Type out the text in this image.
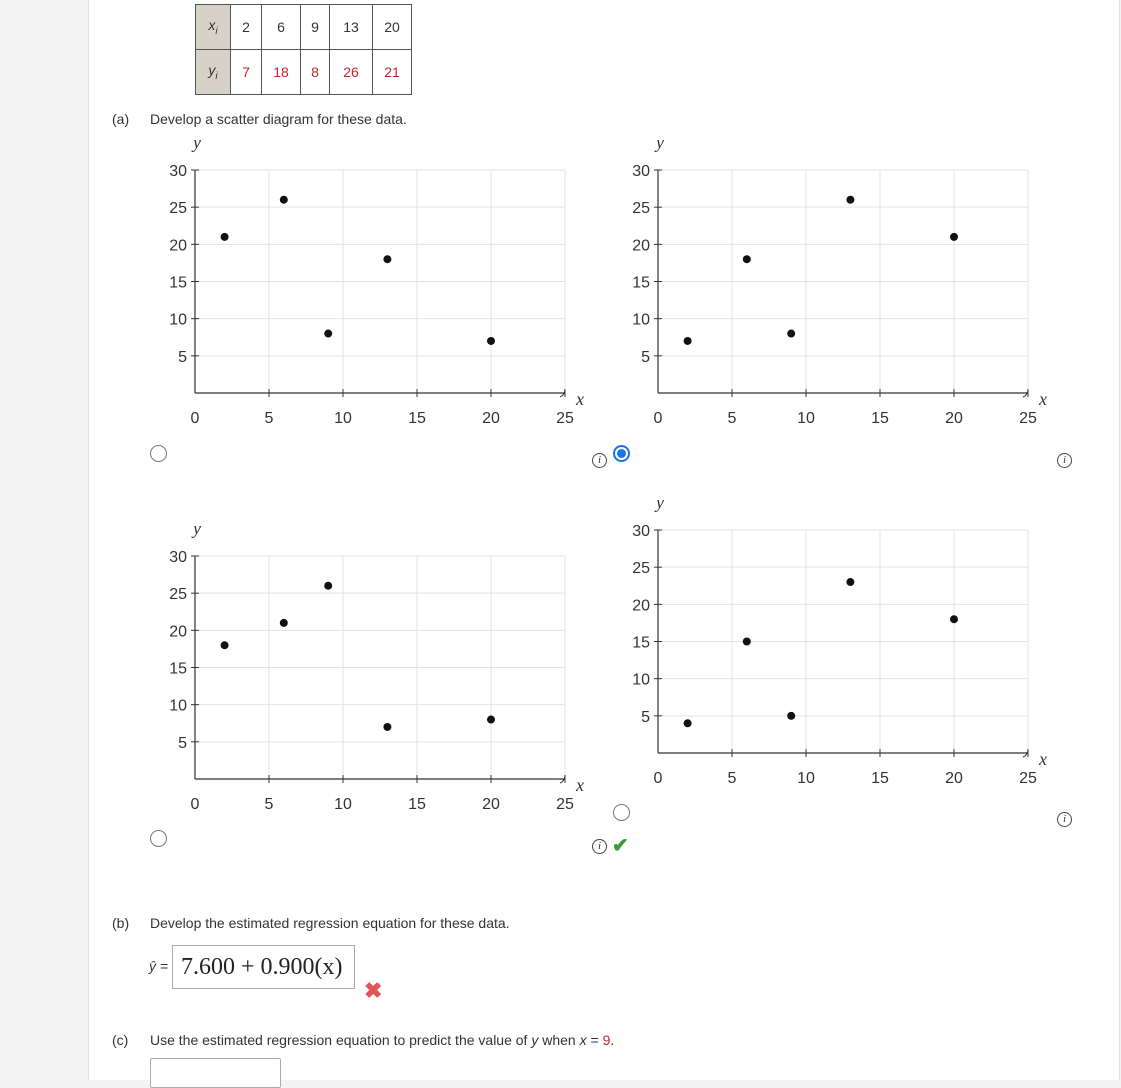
$x_i$	2	6	9	13	20
$y_i$	7	18	8	26	21
(a) Develop a scatter diagram for these data.
5
10
15
20
25
30
0	5	10	15	20	25
y
x
5
10
15
20
25
30
0	5	10	15	20	25
y
x
5
10
15
20
25
30
0	5	10	15	20	25
y
x
5
10
15
20
25
30
0	5	10	15	20	25
y
x
i	i
i ✔
i
(b) Develop the estimated regression equation for these data.
ŷ = 7.600 + 0.900(x)
✖
(c) Use the estimated regression equation to predict the value of y when x = 9.
